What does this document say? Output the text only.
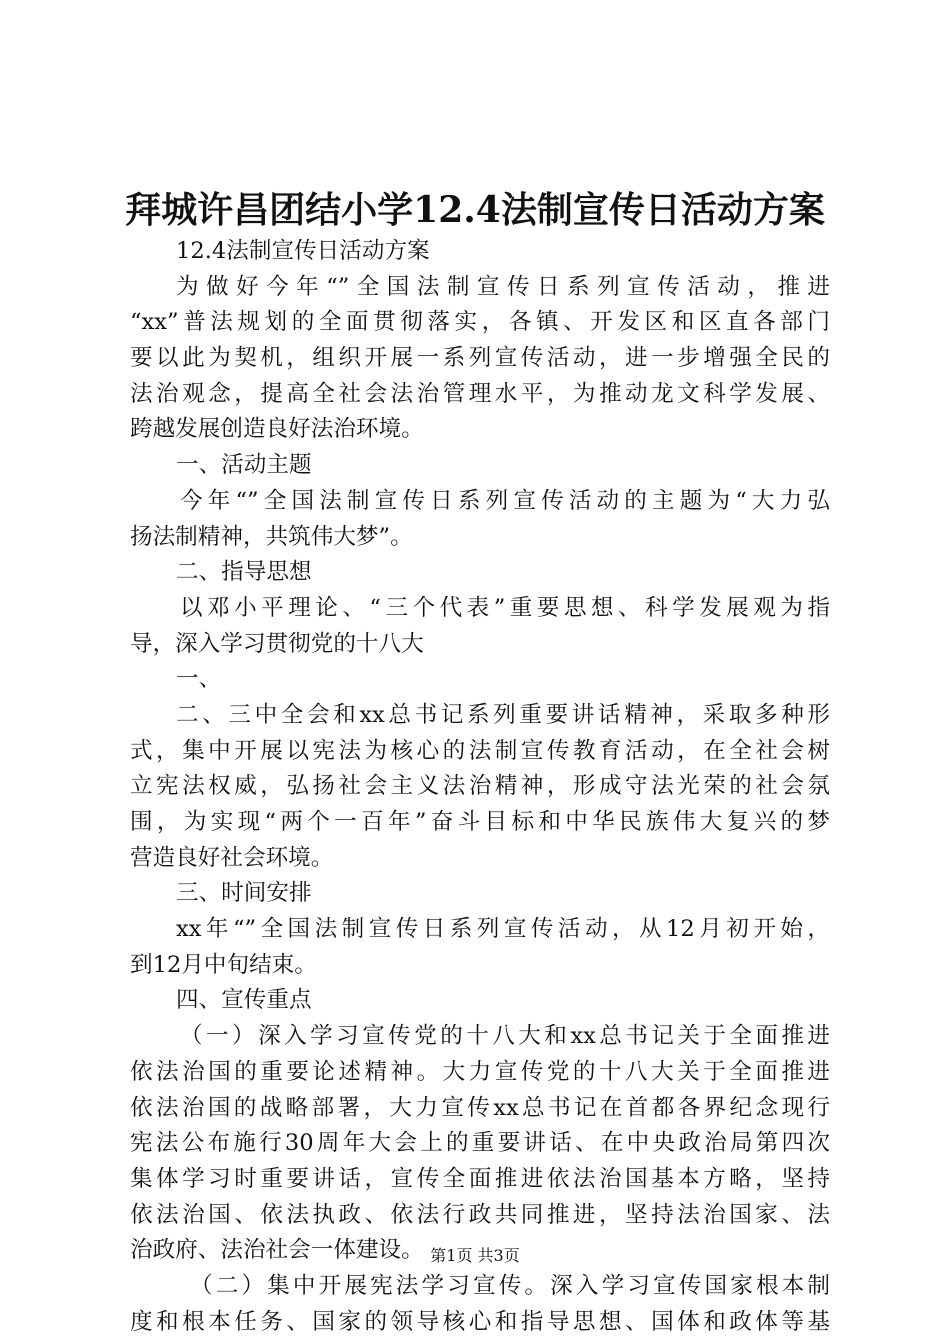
拜城许昌团结小学12.4法制宣传日活动方案
12.4法制宣传日活动方案
为做好今年“”全国法制宣传日系列宣传活动，推进
“xx”普法规划的全面贯彻落实，各镇、开发区和区直各部门
要以此为契机，组织开展一系列宣传活动，进一步增强全民的
法治观念，提高全社会法治管理水平，为推动龙文科学发展、
跨越发展创造良好法治环境。
一、活动主题
今年“”全国法制宣传日系列宣传活动的主题为“大力弘
扬法制精神，共筑伟大梦”。
二、指导思想
以邓小平理论、“三个代表”重要思想、科学发展观为指
导，深入学习贯彻党的十八大
一、
二、三中全会和xx总书记系列重要讲话精神，采取多种形
式，集中开展以宪法为核心的法制宣传教育活动，在全社会树
立宪法权威，弘扬社会主义法治精神，形成守法光荣的社会氛
围，为实现“两个一百年”奋斗目标和中华民族伟大复兴的梦
营造良好社会环境。
三、时间安排
xx年“”全国法制宣传日系列宣传活动，从12月初开始，
到12月中旬结束。
四、宣传重点
（一）深入学习宣传党的十八大和xx总书记关于全面推进
依法治国的重要论述精神。大力宣传党的十八大关于全面推进
依法治国的战略部署，大力宣传xx总书记在首都各界纪念现行
宪法公布施行30周年大会上的重要讲话、在中央政治局第四次
集体学习时重要讲话，宣传全面推进依法治国基本方略，坚持
依法治国、依法执政、依法行政共同推进，坚持法治国家、法
治政府、法治社会一体建设。
（二）集中开展宪法学习宣传。深入学习宣传国家根本制
度和根本任务、国家的领导核心和指导思想、国体和政体等基
第1页 共3页
